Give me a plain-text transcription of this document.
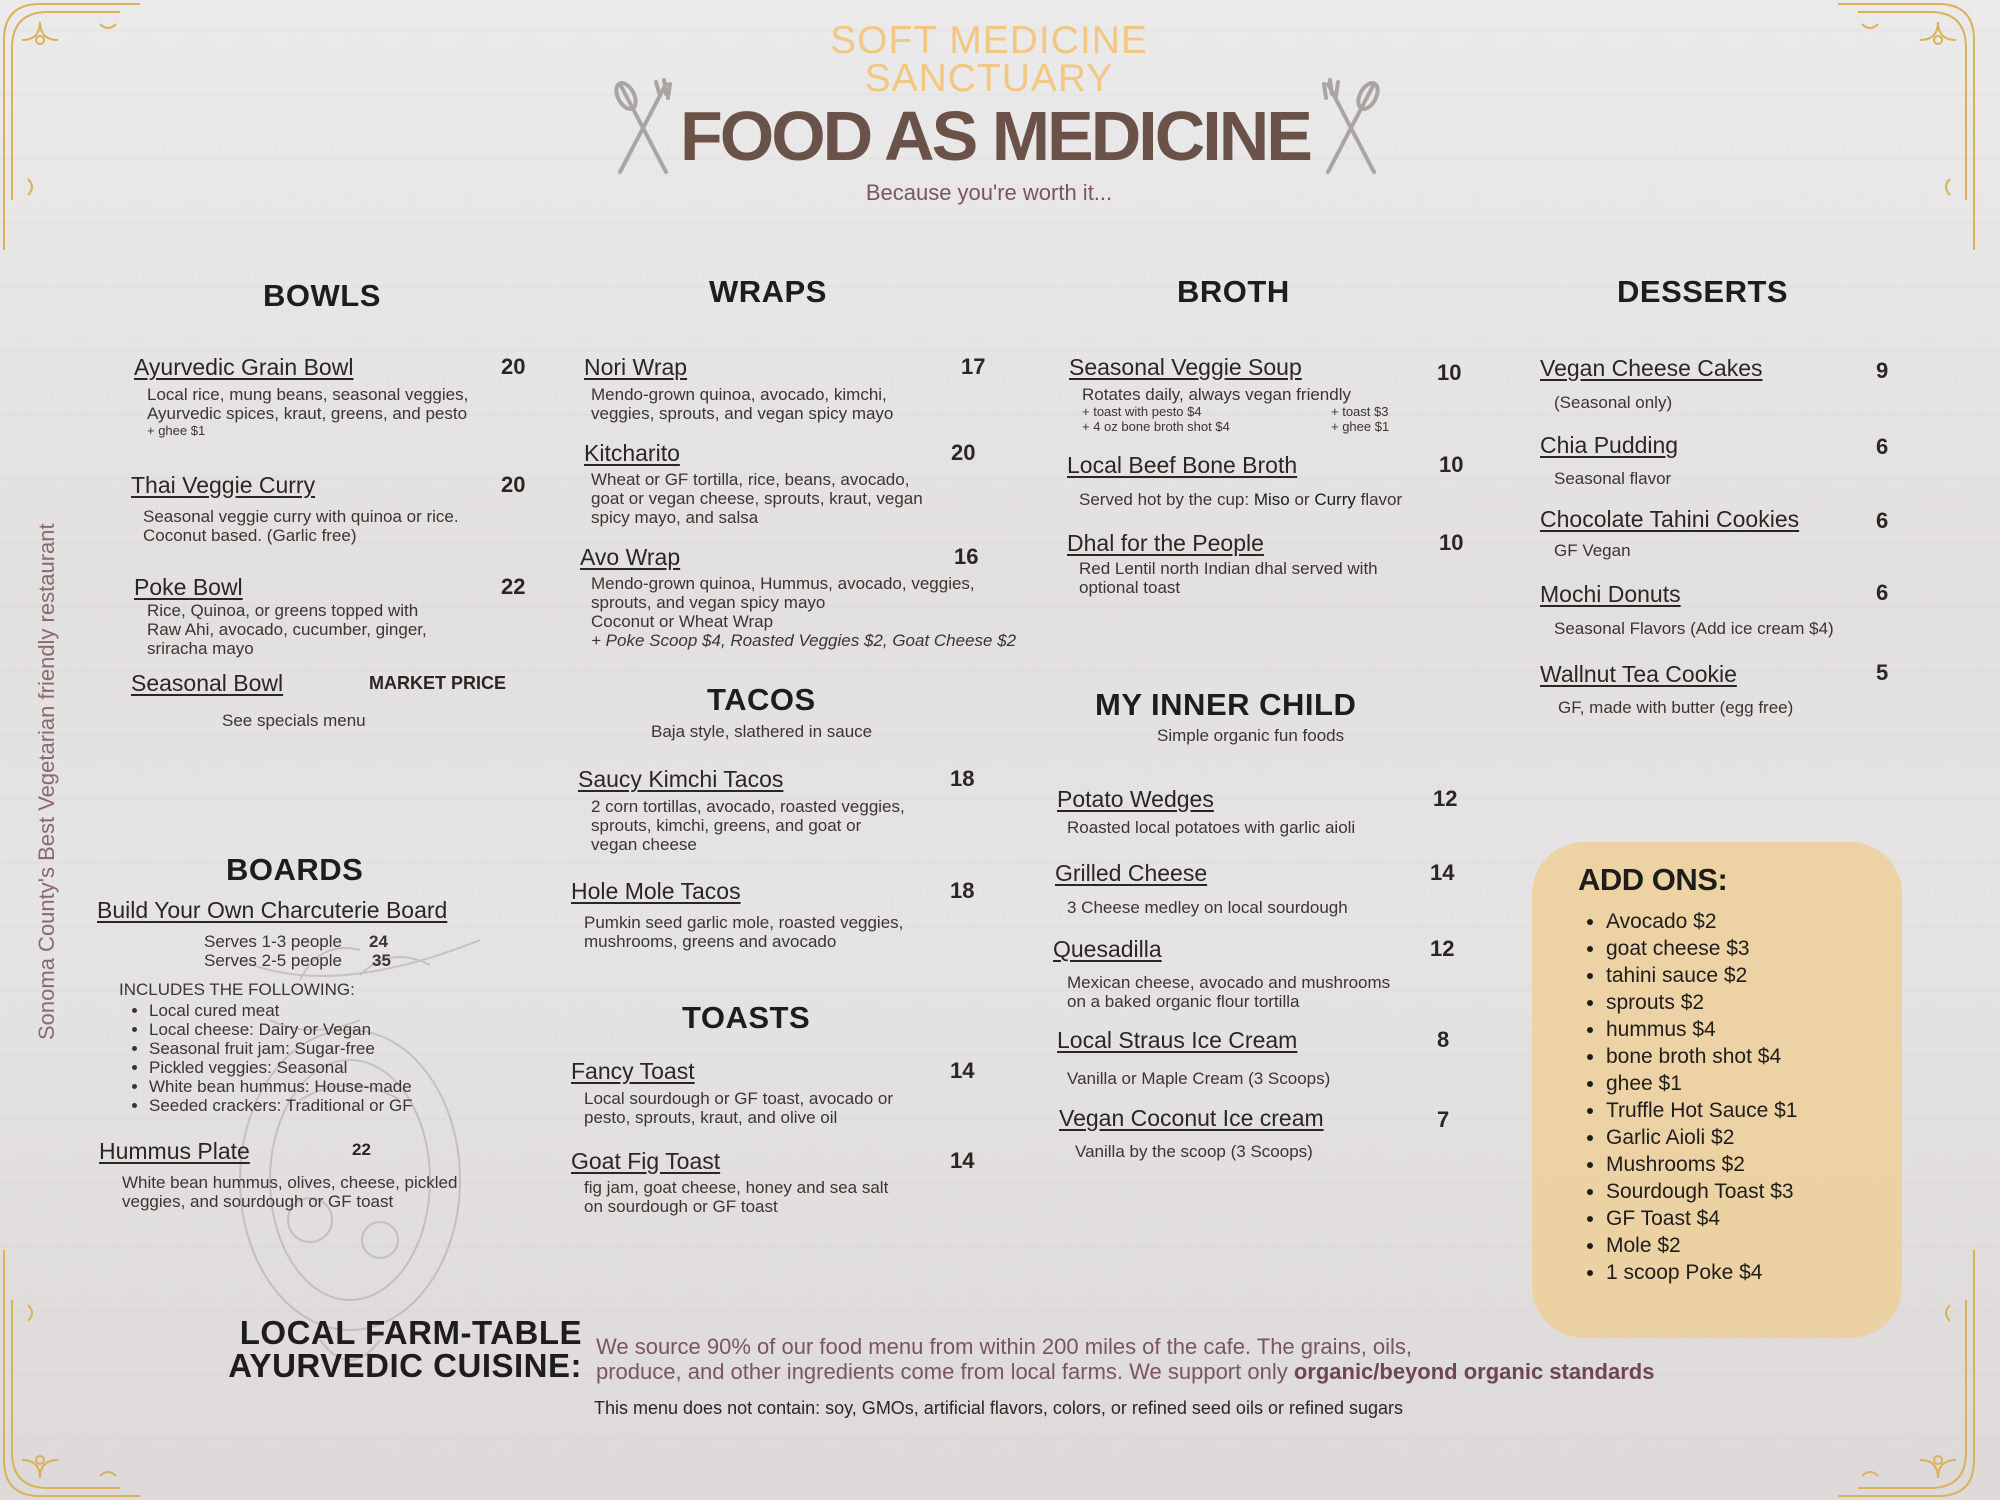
SOFT MEDICINE
SANCTUARY
FOOD AS MEDICINE
Because you're worth it...
Sonoma County's Best Vegetarian friendly restaurant
BOWLS
Ayurvedic Grain Bowl	20
Local rice, mung beans, seasonal veggies,
Ayurvedic spices, kraut, greens, and pesto
+ ghee $1
Thai Veggie Curry	20
Seasonal veggie curry with quinoa or rice.
Coconut based. (Garlic free)
Poke Bowl	22
Rice, Quinoa, or greens topped with
Raw Ahi, avocado, cucumber, ginger,
sriracha mayo
Seasonal Bowl	MARKET PRICE
See specials menu
BOARDS
Build Your Own Charcuterie Board
Serves 1-3 people 24
Serves 2-5 people 35
INCLUDES THE FOLLOWING:
• Local cured meat
• Local cheese: Dairy or Vegan
• Seasonal fruit jam: Sugar-free
• Pickled veggies: Seasonal
• White bean hummus: House-made
• Seeded crackers: Traditional or GF
Hummus Plate	22
White bean hummus, olives, cheese, pickled
veggies, and sourdough or GF toast
WRAPS
Nori Wrap	17
Mendo-grown quinoa, avocado, kimchi,
veggies, sprouts, and vegan spicy mayo
Kitcharito	20
Wheat or GF tortilla, rice, beans, avocado,
goat or vegan cheese, sprouts, kraut, vegan
spicy mayo, and salsa
Avo Wrap	16
Mendo-grown quinoa, Hummus, avocado, veggies,
sprouts, and vegan spicy mayo
Coconut or Wheat Wrap
+ Poke Scoop $4, Roasted Veggies $2, Goat Cheese $2
TACOS
Baja style, slathered in sauce
Saucy Kimchi Tacos	18
2 corn tortillas, avocado, roasted veggies,
sprouts, kimchi, greens, and goat or
vegan cheese
Hole Mole Tacos	18
Pumkin seed garlic mole, roasted veggies,
mushrooms, greens and avocado
TOASTS
Fancy Toast	14
Local sourdough or GF toast, avocado or
pesto, sprouts, kraut, and olive oil
Goat Fig Toast	14
fig jam, goat cheese, honey and sea salt
on sourdough or GF toast
BROTH
Seasonal Veggie Soup	10
Rotates daily, always vegan friendly
+ toast with pesto $4	+ toast $3
+ 4 oz bone broth shot $4	+ ghee $1
Local Beef Bone Broth	10
Served hot by the cup: Miso or Curry flavor
Dhal for the People	10
Red Lentil north Indian dhal served with
optional toast
MY INNER CHILD
Simple organic fun foods
Potato Wedges	12
Roasted local potatoes with garlic aioli
Grilled Cheese	14
3 Cheese medley on local sourdough
Quesadilla	12
Mexican cheese, avocado and mushrooms
on a baked organic flour tortilla
Local Straus Ice Cream	8
Vanilla or Maple Cream (3 Scoops)
Vegan Coconut Ice cream	7
Vanilla by the scoop (3 Scoops)
DESSERTS
Vegan Cheese Cakes	9
(Seasonal only)
Chia Pudding	6
Seasonal flavor
Chocolate Tahini Cookies	6
GF Vegan
Mochi Donuts	6
Seasonal Flavors (Add ice cream $4)
Wallnut Tea Cookie	5
GF, made with butter (egg free)
ADD ONS:
• Avocado $2
• goat cheese $3
• tahini sauce $2
• sprouts $2
• hummus $4
• bone broth shot $4
• ghee $1
• Truffle Hot Sauce $1
• Garlic Aioli $2
• Mushrooms $2
• Sourdough Toast $3
• GF Toast $4
• Mole $2
• 1 scoop Poke $4
LOCAL FARM-TABLE
AYURVEDIC CUISINE:
We source 90% of our food menu from within 200 miles of the cafe. The grains, oils,
produce, and other ingredients come from local farms. We support only organic/beyond organic standards
This menu does not contain: soy, GMOs, artificial flavors, colors, or refined seed oils or refined sugars
